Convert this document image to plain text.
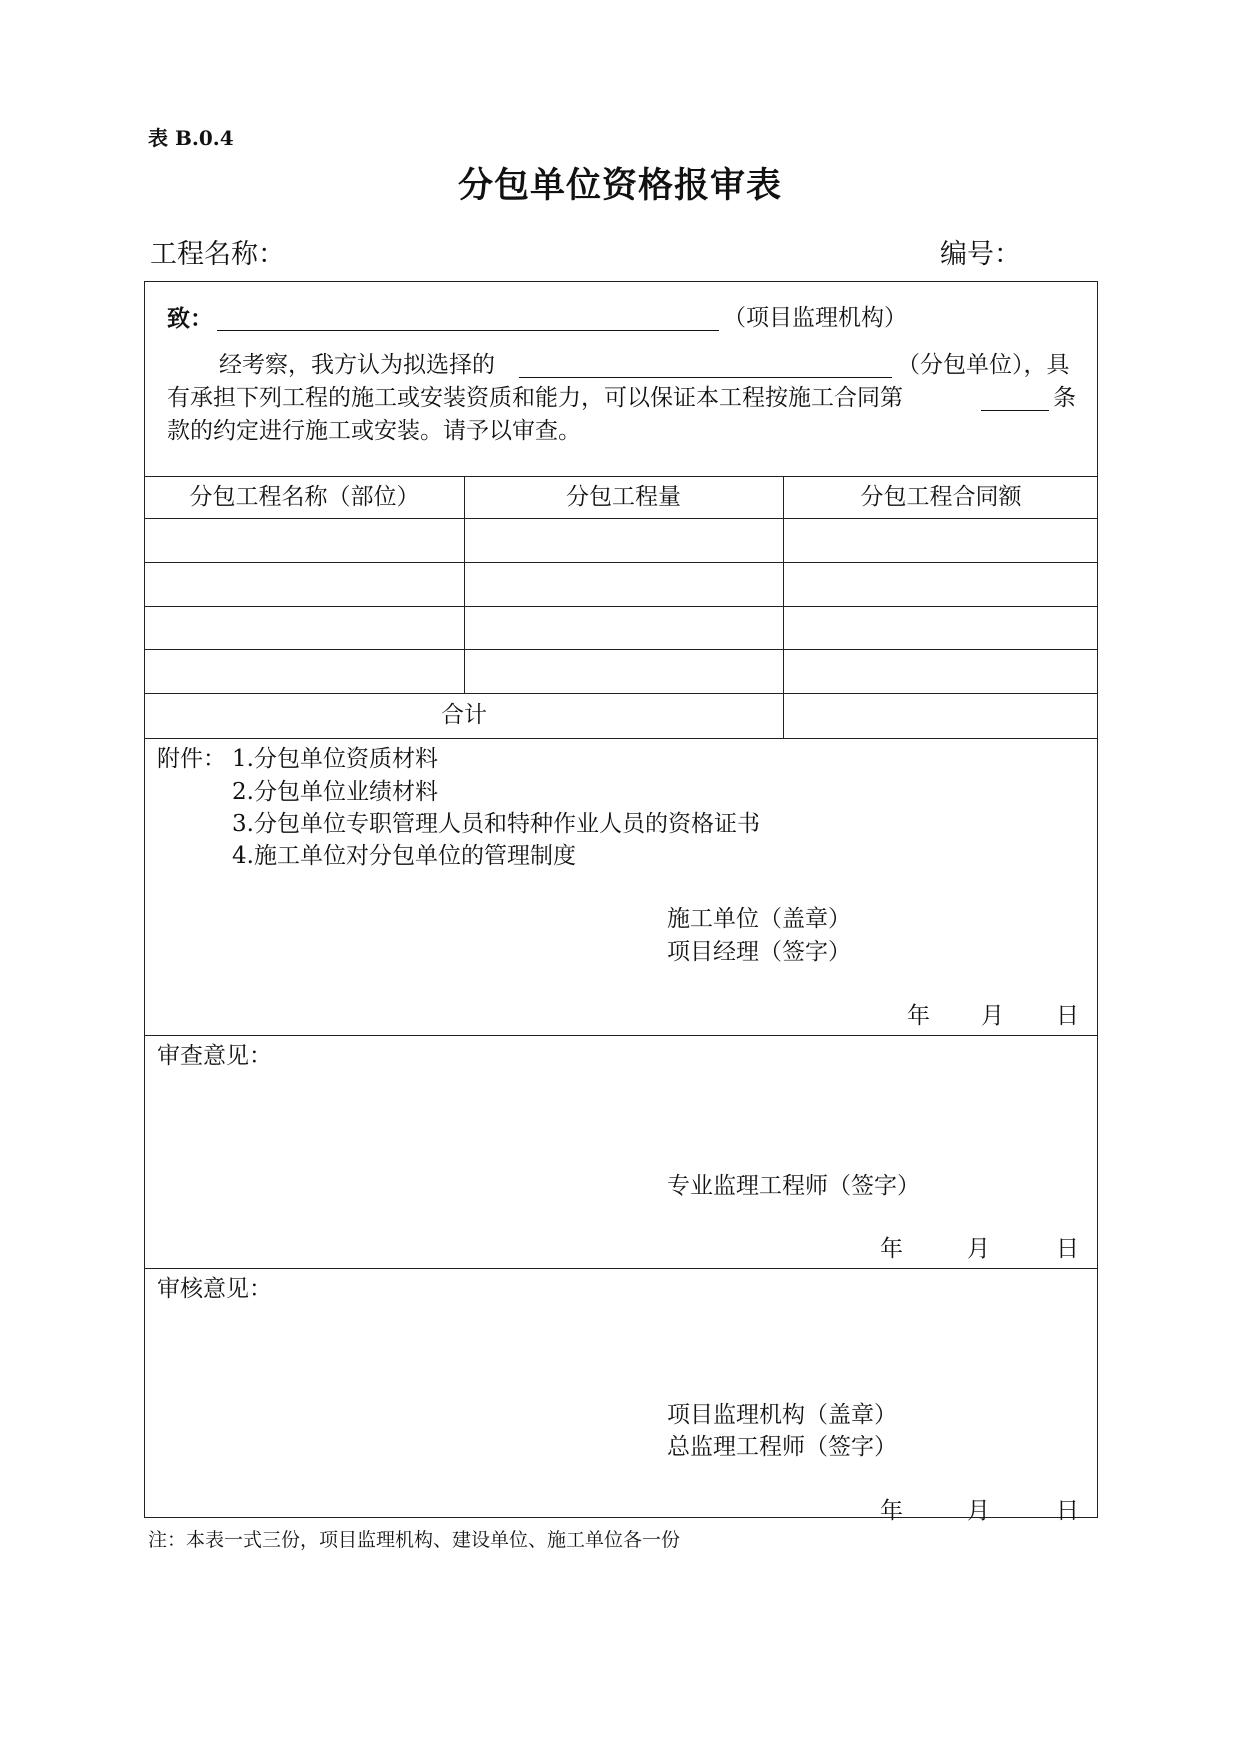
表 B.0.4
分包单位资格报审表
工程名称：	编号：
致：	（项目监理机构）
经考察，我方认为拟选择的	（分包单位），具
有承担下列工程的施工或安装资质和能力，可以保证本工程按施工合同第	条
款的约定进行施工或安装。请予以审查。
分包工程名称（部位）	分包工程量	分包工程合同额
合计
附件： 1.分包单位资质材料
2.分包单位业绩材料
3.分包单位专职管理人员和特种作业人员的资格证书
4.施工单位对分包单位的管理制度
施工单位（盖章）
项目经理（签字）
年 月 日
审查意见：
专业监理工程师（签字）
年	月	日
审核意见：
项目监理机构（盖章）
总监理工程师（签字）
年	月	日
注：本表一式三份，项目监理机构、建设单位、施工单位各一份
